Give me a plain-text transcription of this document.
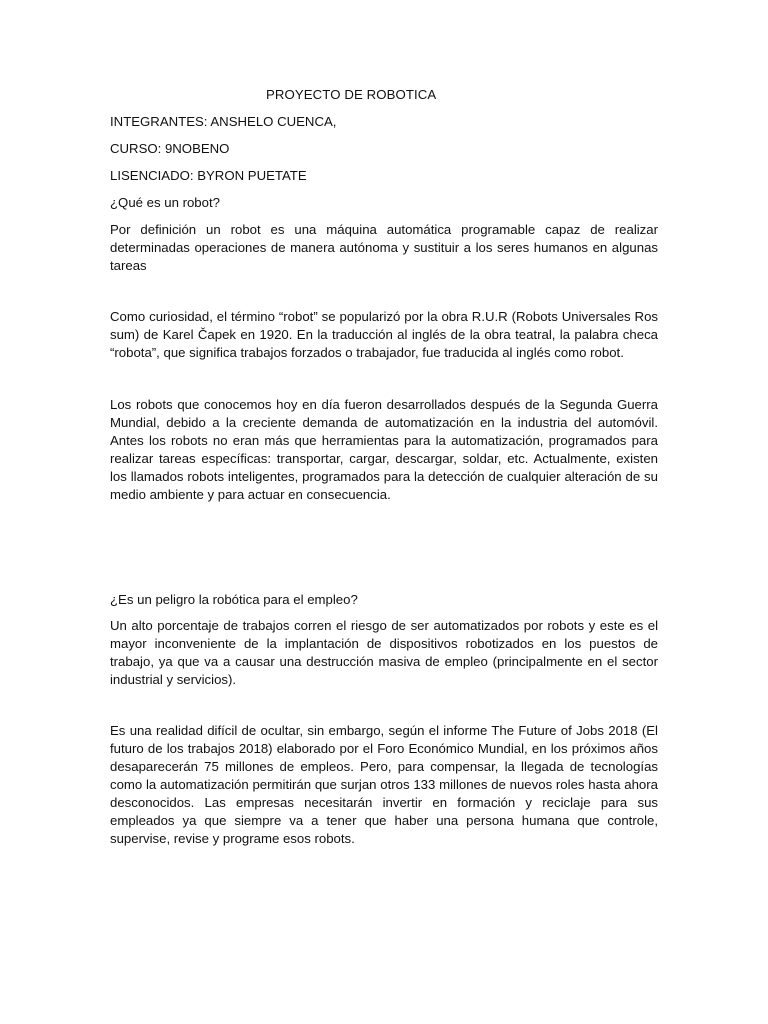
PROYECTO DE ROBOTICA
INTEGRANTES: ANSHELO CUENCA,
CURSO: 9NOBENO
LISENCIADO: BYRON PUETATE
¿Qué es un robot?
Por definición un robot es una máquina automática programable capaz de realizar determinadas operaciones de manera autónoma y sustituir a los seres humanos en algunas tareas
Como curiosidad, el término “robot” se popularizó por la obra R.U.R (Robots Universales Ros sum) de Karel Čapek en 1920. En la traducción al inglés de la obra teatral, la palabra checa “robota”, que significa trabajos forzados o trabajador, fue traducida al inglés como robot.
Los robots que conocemos hoy en día fueron desarrollados después de la Segunda Guerra Mundial, debido a la creciente demanda de automatización en la industria del automóvil. Antes los robots no eran más que herramientas para la automatización, programados para realizar tareas específicas: transportar, cargar, descargar, soldar, etc. Actualmente, existen los llamados robots inteligentes, programados para la detección de cualquier alteración de su medio ambiente y para actuar en consecuencia.
¿Es un peligro la robótica para el empleo?
Un alto porcentaje de trabajos corren el riesgo de ser automatizados por robots y este es el mayor inconveniente de la implantación de dispositivos robotizados en los puestos de trabajo, ya que va a causar una destrucción masiva de empleo (principalmente en el sector industrial y servicios).
Es una realidad difícil de ocultar, sin embargo, según el informe The Future of Jobs 2018 (El futuro de los trabajos 2018) elaborado por el Foro Económico Mundial, en los próximos años desaparecerán 75 millones de empleos. Pero, para compensar, la llegada de tecnologías como la automatización permitirán que surjan otros 133 millones de nuevos roles hasta ahora desconocidos. Las empresas necesitarán invertir en formación y reciclaje para sus empleados ya que siempre va a tener que haber una persona humana que controle, supervise, revise y programe esos robots.
